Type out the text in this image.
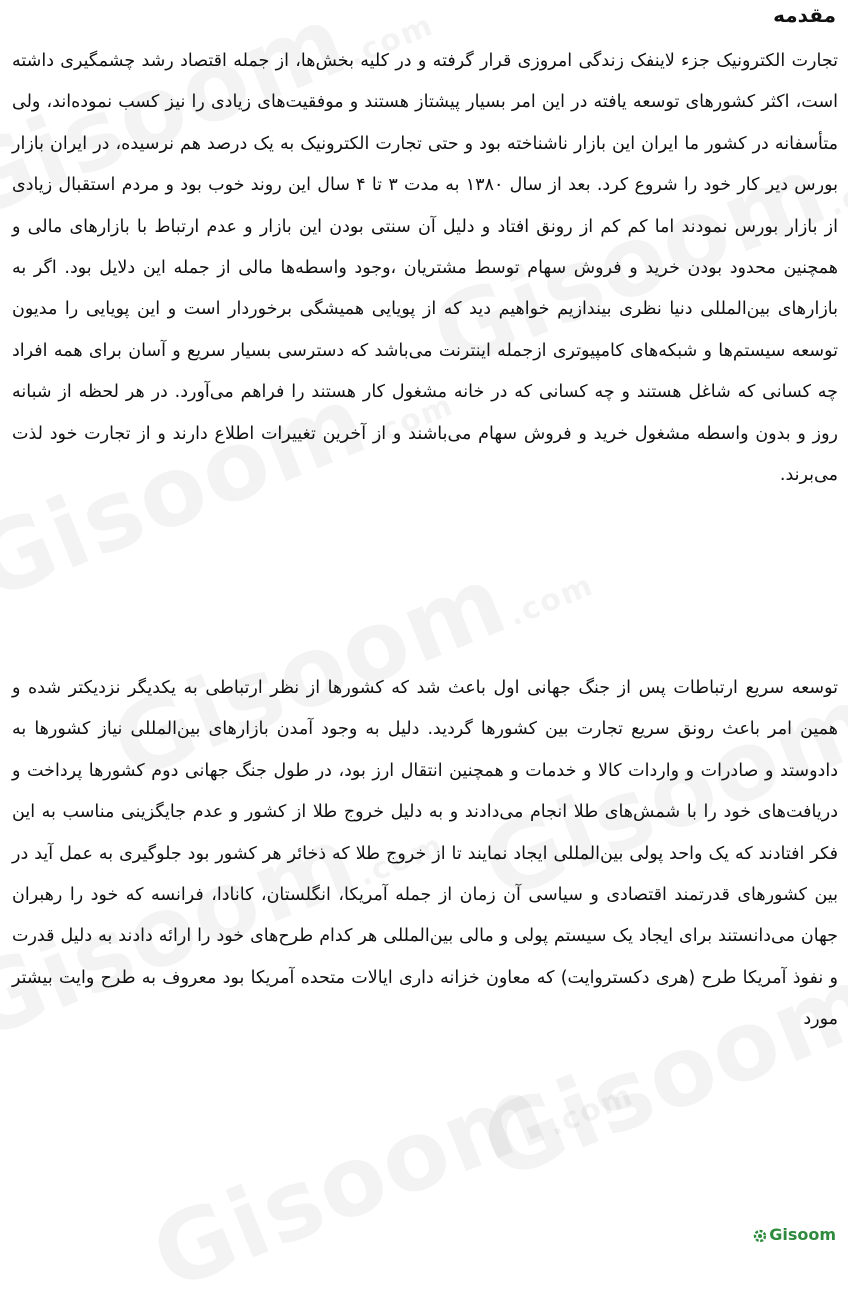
مقدمه

تجارت الکترونیک جزء لاینفک زندگی امروزی قرار گرفته و در کلیه بخش‌ها، از جمله اقتصاد رشد چشمگیری داشته است، اکثر کشورهای توسعه یافته در این امر بسیار پیشتاز هستند و موفقیت‌های زیادی را نیز کسب نموده‌اند، ولی متأسفانه در کشور ما ایران این بازار ناشناخته بود و حتی تجارت الکترونیک به یک درصد هم نرسیده، در ایران بازار بورس دیر کار خود را شروع کرد. بعد از سال ۱۳۸۰ به مدت ۳ تا ۴ سال این روند خوب بود و مردم استقبال زیادی از بازار بورس نمودند اما کم کم از رونق افتاد و دلیل آن سنتی بودن این بازار و عدم ارتباط با بازارهای مالی و همچنین محدود بودن خرید و فروش سهام توسط مشتریان ،وجود واسطه‌ها مالی از جمله این دلایل بود. اگر به بازارهای بین‌المللی دنیا نظری بیندازیم خواهیم دید که از پویایی همیشگی برخوردار است و این پویایی را مدیون توسعه سیستم‌ها و شبکه‌های کامپیوتری ازجمله اینترنت می‌باشد که دسترسی بسیار سریع و آسان برای همه افراد چه کسانی که شاغل هستند و چه کسانی که در خانه مشغول کار هستند را فراهم می‌آورد. در هر لحظه از شبانه روز و بدون واسطه مشغول خرید و فروش سهام می‌باشند و از آخرین تغییرات اطلاع دارند و از تجارت خود لذت می‌برند.

توسعه سریع ارتباطات پس از جنگ جهانی اول باعث شد که کشورها از نظر ارتباطی به یکدیگر نزدیکتر شده و همین امر باعث رونق سریع تجارت بین کشورها گردید. دلیل به وجود آمدن بازارهای بین‌المللی نیاز کشورها به دادوستد و صادرات و واردات کالا و خدمات و همچنین انتقال ارز بود، در طول جنگ جهانی دوم کشورها پرداخت و دریافت‌های خود را با شمش‌های طلا انجام می‌دادند و به دلیل خروج طلا از کشور و عدم جایگزینی مناسب به این فکر افتادند که یک واحد پولی بین‌المللی ایجاد نمایند تا از خروج طلا که ذخائر هر کشور بود جلوگیری به عمل آید در بین کشورهای قدرتمند اقتصادی و سیاسی آن زمان از جمله آمریکا، انگلستان، کانادا، فرانسه که خود را رهبران جهان می‌دانستند برای ایجاد یک سیستم پولی و مالی بین‌المللی هر کدام طرح‌های خود را ارائه دادند به دلیل قدرت و نفوذ آمریکا طرح (هری دکسترو‌ایت) که معاون خزانه داری ایالات متحده آمریکا بود معروف به طرح وایت بیشتر مورد

Gisoom
